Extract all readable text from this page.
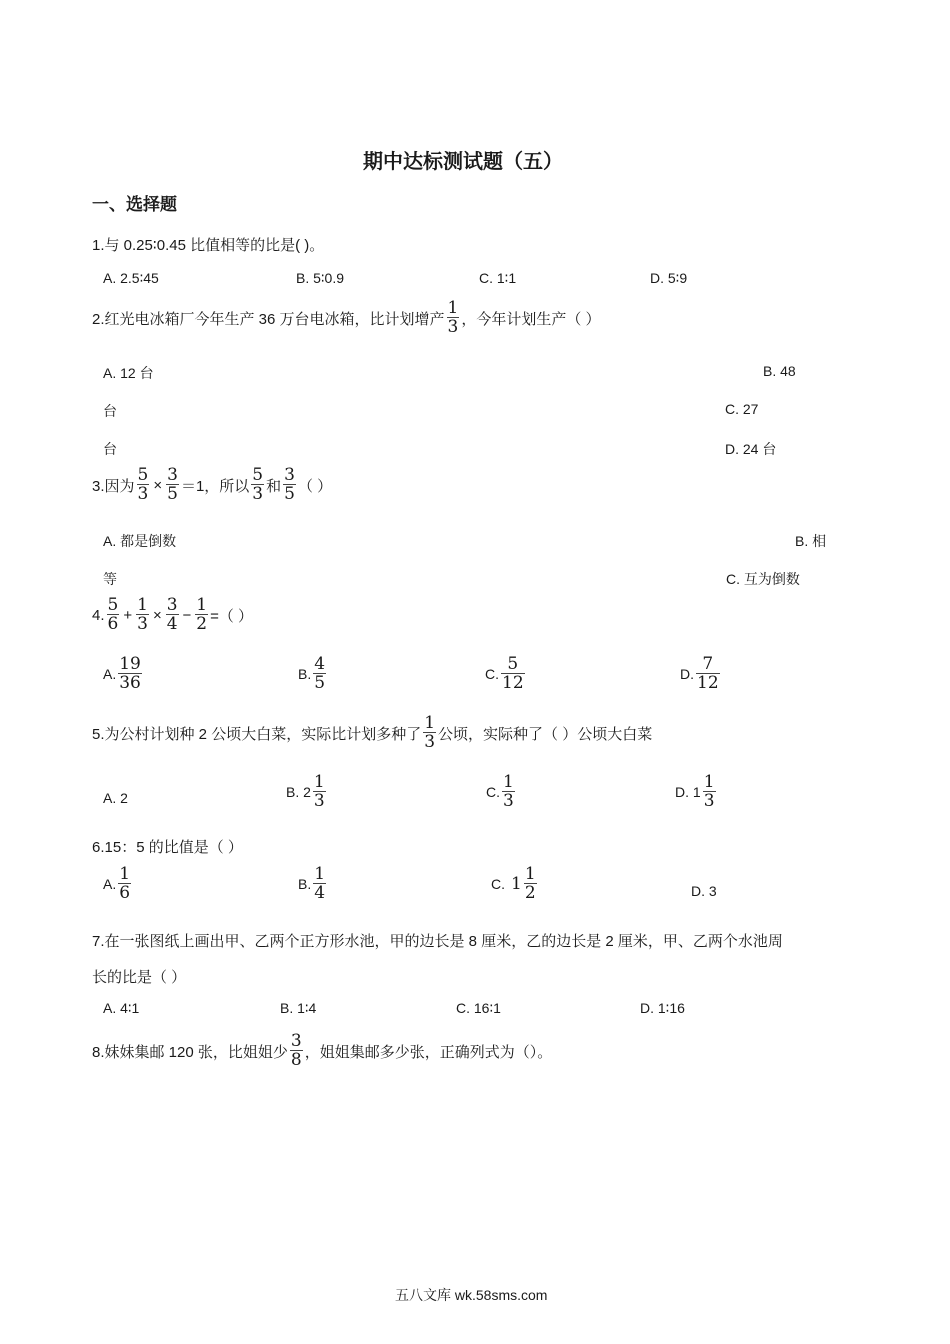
期中达标测试题（五）
一、选择题
1.与 0.25∶0.45 比值相等的比是( )。
A. 2.5∶45	B. 5∶0.9	C. 1∶1	D. 5∶9
2.红光电冰箱厂今年生产 36 万台电冰箱，比计划增产 $\frac{1}{3}$ ，今年计划生产（ ）
A. 12 台	B. 48
台	C. 27
台	D. 24 台
3.因为 $\frac{5}{3} \times \frac{3}{5} =1$，所以 $\frac{5}{3}$ 和 $\frac{3}{5}$ （ ）
A. 都是倒数	B. 相
等	C. 互为倒数
4. $\frac{5}{6} + \frac{1}{3} \times \frac{3}{4} - \frac{1}{2}$ =（ ）
A. $\frac{19}{36}$	B. $\frac{4}{5}$	C. $\frac{5}{12}$	D. $\frac{7}{12}$
5.为公村计划种 2 公顷大白菜，实际比计划多种了 $\frac{1}{3}$ 公顷，实际种了（ ）公顷大白菜
A. 2	B. $2 \frac{1}{3}$	C. $\frac{1}{3}$	D. $1 \frac{1}{3}$
6.15：5 的比值是（ ）
A. $\frac{1}{6}$	B. $\frac{1}{4}$	C. $1 \frac{1}{2}$	D. 3
7.在一张图纸上画出甲、乙两个正方形水池，甲的边长是 8 厘米，乙的边长是 2 厘米，甲、乙两个水池周
长的比是（ ）
A. 4∶1	B. 1∶4	C. 16∶1	D. 1∶16
8.妹妹集邮 120 张，比姐姐少 $\frac{3}{8}$ ，姐姐集邮多少张，正确列式为（）。
五八文库 wk.58sms.com
